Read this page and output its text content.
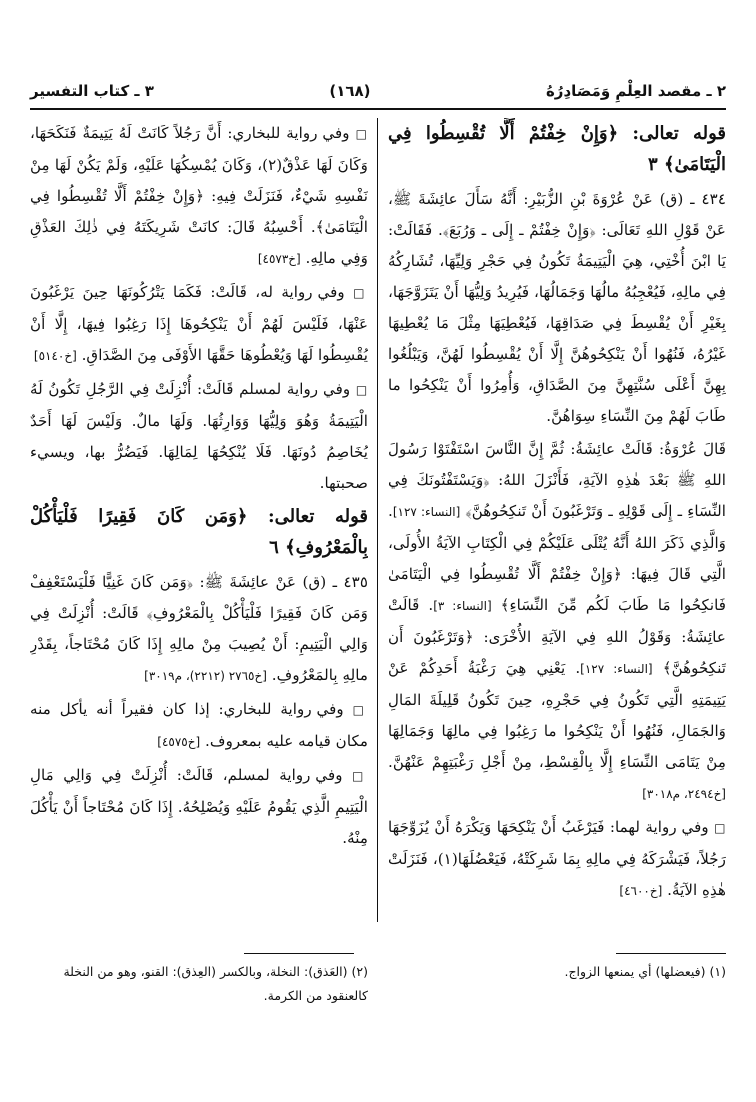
٢ ـ مقصد العِلْمِ وَمَصَادِرُهُ
(١٦٨)
٣ ـ كتاب التفسير
قوله تعالى: ﴿وَإِنْ خِفْتُمْ أَلَّا تُقْسِطُوا فِي الْيَتَامَىٰ﴾ ٣

٤٣٤ ـ (ق) عَنْ عُرْوَةَ بْنِ الزُّبَيْرِ: أَنَّهُ سَأَلَ عائِشَةَ ﷺ، عَنْ قَوْلِ اللهِ تَعَالَى: ﴿وَإِنْ خِفْتُمْ ـ إِلَى ـ وَرُبَعَ﴾. فَقَالَتْ: يَا ابْنَ أُخْتِي، هِيَ الْيَتِيمَةُ تَكُونُ فِي حَجْرِ وَلِيِّهَا، تُشَارِكُهُ فِي مالِهِ، فَيُعْجِبُهُ مالُهَا وَجَمَالُهَا، فَيُرِيدُ وَلِيُّهَا أَنْ يَتَزَوَّجَهَا، بِغَيْرِ أَنْ يُقْسِطَ فِي صَدَاقِهَا، فَيُعْطِيَهَا مِثْلَ مَا يُعْطِيهَا غَيْرُهُ، فَنُهُوا أَنْ يَنْكِحُوهُنَّ إِلَّا أَنْ يُقْسِطُوا لَهُنَّ، وَيَبْلُغُوا بِهِنَّ أَعْلَى سُنَّتِهِنَّ مِنَ الصَّدَاقِ، وَأُمِرُوا أَنْ يَنْكِحُوا ما طَابَ لَهُمْ مِنَ النِّسَاءِ سِوَاهُنَّ.

قَالَ عُرْوَةُ: قَالَتْ عائِشَةُ: ثُمَّ إِنَّ النَّاسَ اسْتَفْتَوْا رَسُولَ اللهِ ﷺ بَعْدَ هٰذِهِ الآيَةِ، فَأَنْزَلَ اللهُ: ﴿وَيَسْتَفْتُونَكَ فِي النِّسَاءِ ـ إِلَى قَوْلِهِ ـ وَتَرْغَبُونَ أَنْ تَنكِحُوهُنَّ﴾ [النساء: ١٢٧]. وَالَّذِي ذَكَرَ اللهُ أَنَّهُ يُتْلَى عَلَيْكُمْ فِي الْكِتَابِ الآيَةُ الأُولَى، الَّتِي قَالَ فِيهَا: ﴿وَإِنْ خِفْتُمْ أَلَّا تُقْسِطُوا فِي الْيَتَامَىٰ فَانكِحُوا مَا طَابَ لَكُم مِّنَ النِّسَاءِ﴾ [النساء: ٣]. قَالَتْ عائِشَةُ: وَقَوْلُ اللهِ فِي الآيَةِ الأُخْرَى: ﴿وَتَرْغَبُونَ أَن تَنكِحُوهُنَّ﴾ [النساء: ١٢٧]. يَعْنِي هِيَ رَغْبَةُ أَحَدِكُمْ عَنْ يَتِيمَتِهِ الَّتِي تَكُونُ فِي حَجْرِهِ، حِينَ تَكُونُ قَلِيلَةَ المَالِ وَالجَمَالِ، فَنُهُوا أَنْ يَنْكِحُوا ما رَغِبُوا فِي مالِهَا وَجَمَالِهَا مِنْ يَتَامَى النِّسَاءِ إِلَّا بِالْقِسْطِ، مِنْ أَجْلِ رَغْبَتِهِمْ عَنْهُنَّ. [خ٢٤٩٤، م٣٠١٨]

□ وفي رواية لهما: فَيَرْغَبُ أَنْ يَنْكِحَهَا وَيَكْرَهُ أَنْ يُزَوِّجَهَا رَجُلاً، فَيَشْرَكَهُ فِي مالِهِ بِمَا شَرِكَتْهُ، فَيَعْضُلَهَا(١)، فَنَزَلَتْ هٰذِهِ الآيَةُ. [خ٤٦٠٠]

□ وفي رواية للبخاري: أَنَّ رَجُلاً كَانَتْ لَهُ يَتِيمَةٌ فَنَكَحَهَا، وَكَانَ لَهَا عَذْقٌ(٢)، وَكَانَ يُمْسِكُهَا عَلَيْهِ، وَلَمْ يَكُنْ لَهَا مِنْ نَفْسِهِ شَيْءٌ، فَنَزَلَتْ فِيهِ: ﴿وَإِنْ خِفْتُمْ أَلَّا تُقْسِطُوا فِي الْيَتَامَىٰ﴾. أَحْسِبُهُ قَالَ: كانَتْ شَرِيكَتَهُ فِي ذٰلِكَ العَذْقِ وَفِي مالِهِ. [خ٤٥٧٣]

□ وفي رواية له، قَالَتْ: فَكَمَا يَتْرُكُونَهَا حِينَ يَرْغَبُونَ عَنْهَا، فَلَيْسَ لَهُمْ أَنْ يَنْكِحُوهَا إِذَا رَغِبُوا فِيهَا، إِلَّا أَنْ يُقْسِطُوا لَهَا وَيُعْطُوهَا حَقَّهَا الأَوْفَى مِنَ الصَّدَاقِ. [خ٥١٤٠]

□ وفي رواية لمسلم قَالَتْ: أُنْزِلَتْ فِي الرَّجُلِ تَكُونُ لَهُ الْيَتِيمَةُ وَهُوَ وَلِيُّهَا وَوَارِثُهَا. وَلَهَا مالٌ. وَلَيْسَ لَهَا أَحَدٌ يُخَاصِمُ دُونَهَا. فَلَا يُنْكِحُهَا لِمَالِهَا. فَيَضُرُّ بها، ويسيء صحبتها.

قوله تعالى: ﴿وَمَن كَانَ فَقِيرًا فَلْيَأْكُلْ بِالْمَعْرُوفِ﴾ ٦

٤٣٥ ـ (ق) عَنْ عائِشَةَ ﷺ: ﴿وَمَن كَانَ غَنِيًّا فَلْيَسْتَعْفِفْ وَمَن كَانَ فَقِيرًا فَلْيَأْكُلْ بِالْمَعْرُوفِ﴾ قَالَتْ: أُنْزِلَتْ فِي وَالِي الْيَتِيمِ: أَنْ يُصِيبَ مِنْ مالِهِ إِذَا كَانَ مُحْتَاجاً، بِقَدْرِ مالِهِ بِالمَعْرُوفِ. [خ٢٧٦٥ (٢٢١٢)، م٣٠١٩]

□ وفي رواية للبخاري: إذا كان فقيراً أنه يأكل منه مكان قيامه عليه بمعروف. [خ٤٥٧٥]

□ وفي رواية لمسلم، قَالَتْ: أُنْزِلَتْ فِي وَالِي مَالِ الْيَتِيمِ الَّذِي يَقُومُ عَلَيْهِ وَيُصْلِحُهُ. إِذَا كَانَ مُحْتَاجاً أَنْ يَأْكُلَ مِنْهُ.

(١) (فيعضلها) أي يمنعها الزواج.
(٢) (العَذق): النخلة، وبالكسر (العِذق): القنو، وهو من النخلة كالعنقود من الكرمة.
